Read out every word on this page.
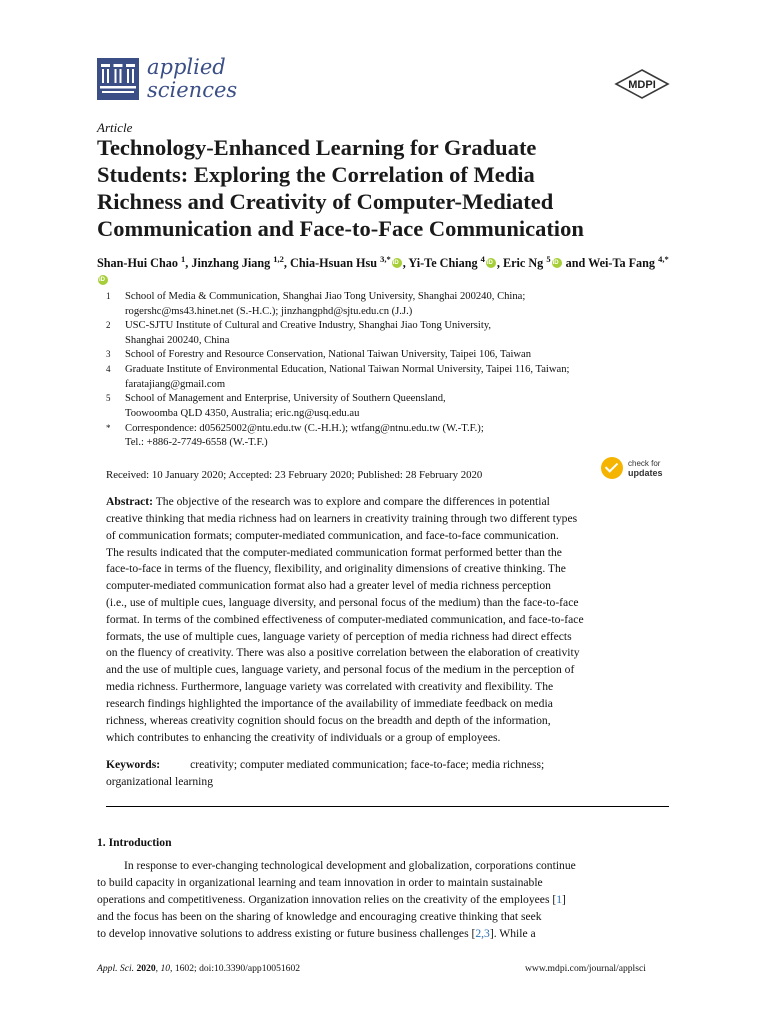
applied
sciences	MDPI
Article
Technology-Enhanced Learning for Graduate
Students: Exploring the Correlation of Media
Richness and Creativity of Computer-Mediated
Communication and Face-to-Face Communication
Shan-Hui Chao $^1$, Jinzhang Jiang $^{1,2}$, Chia-Hsuan Hsu $^{3,*}$ iD , Yi-Te Chiang $^4$ iD , Eric Ng $^5$iD and Wei-Ta Fang $^{4,*}$iD
1 School of Media & Communication, Shanghai Jiao Tong University, Shanghai 200240, China;
rogershc@ms43.hinet.net (S.-H.C.); jinzhangphd@sjtu.edu.cn (J.J.)
2 USC-SJTU Institute of Cultural and Creative Industry, Shanghai Jiao Tong University,
Shanghai 200240, China
3 School of Forestry and Resource Conservation, National Taiwan University, Taipei 106, Taiwan
4 Graduate Institute of Environmental Education, National Taiwan Normal University, Taipei 116, Taiwan;
faratajiang@gmail.com
5 School of Management and Enterprise, University of Southern Queensland,
Toowoomba QLD 4350, Australia; eric.ng@usq.edu.au
* Correspondence: d05625002@ntu.edu.tw (C.-H.H.); wtfang@ntnu.edu.tw (W.-T.F.);
Tel.: +886-2-7749-6558 (W.-T.F.)
Received: 10 January 2020; Accepted: 23 February 2020; Published: 28 February 2020
check for
updates
Abstract: The objective of the research was to explore and compare the differences in potential
creative thinking that media richness had on learners in creativity training through two different types
of communication formats; computer-mediated communication, and face-to-face communication.
The results indicated that the computer-mediated communication format performed better than the
face-to-face in terms of the fluency, flexibility, and originality dimensions of creative thinking. The
computer-mediated communication format also had a greater level of media richness perception
(i.e., use of multiple cues, language diversity, and personal focus of the medium) than the face-to-face
format. In terms of the combined effectiveness of computer-mediated communication, and face-to-face
formats, the use of multiple cues, language variety of perception of media richness had direct effects
on the fluency of creativity. There was also a positive correlation between the elaboration of creativity
and the use of multiple cues, language variety, and personal focus of the medium in the perception of
media richness. Furthermore, language variety was correlated with creativity and flexibility. The
research findings highlighted the importance of the availability of immediate feedback on media
richness, whereas creativity cognition should focus on the breadth and depth of the information,
which contributes to enhancing the creativity of individuals or a group of employees.
Keywords:	creativity; computer mediated communication; face-to-face; media richness;
organizational learning
1. Introduction
In response to ever-changing technological development and globalization, corporations continue
to build capacity in organizational learning and team innovation in order to maintain sustainable
operations and competitiveness. Organization innovation relies on the creativity of the employees [1]
and the focus has been on the sharing of knowledge and encouraging creative thinking that seek
to develop innovative solutions to address existing or future business challenges [2,3]. While a
Appl. Sci. 2020, 10, 1602; doi:10.3390/app10051602	www.mdpi.com/journal/applsci
